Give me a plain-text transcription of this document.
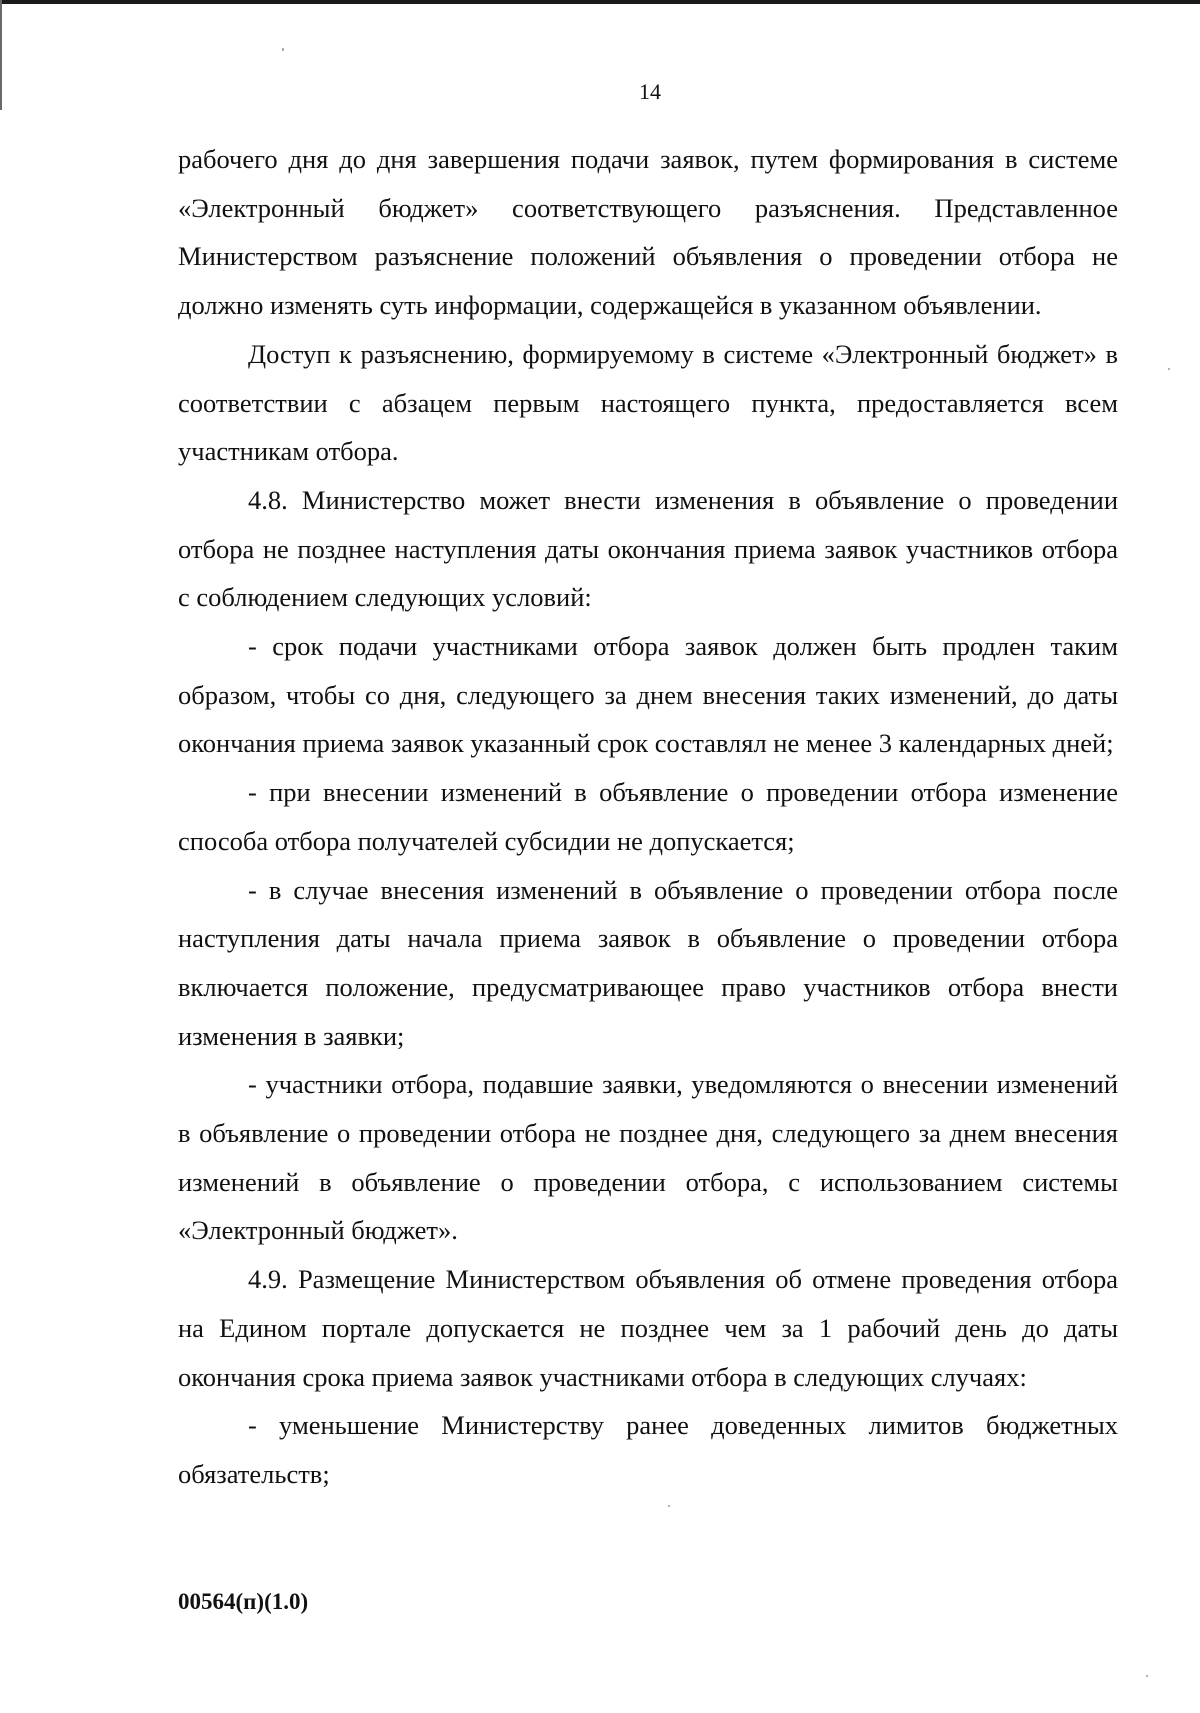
14

рабочего дня до дня завершения подачи заявок, путем формирования в системе «Электронный бюджет» соответствующего разъяснения. Представленное Министерством разъяснение положений объявления о проведении отбора не должно изменять суть информации, содержащейся в указанном объявлении.

Доступ к разъяснению, формируемому в системе «Электронный бюджет» в соответствии с абзацем первым настоящего пункта, предоставляется всем участникам отбора.

4.8. Министерство может внести изменения в объявление о проведении отбора не позднее наступления даты окончания приема заявок участников отбора с соблюдением следующих условий:

- срок подачи участниками отбора заявок должен быть продлен таким образом, чтобы со дня, следующего за днем внесения таких изменений, до даты окончания приема заявок указанный срок составлял не менее 3 календарных дней;

- при внесении изменений в объявление о проведении отбора изменение способа отбора получателей субсидии не допускается;

- в случае внесения изменений в объявление о проведении отбора после наступления даты начала приема заявок в объявление о проведении отбора включается положение, предусматривающее право участников отбора внести изменения в заявки;

- участники отбора, подавшие заявки, уведомляются о внесении изменений в объявление о проведении отбора не позднее дня, следующего за днем внесения изменений в объявление о проведении отбора, с использованием системы «Электронный бюджет».

4.9. Размещение Министерством объявления об отмене проведения отбора на Едином портале допускается не позднее чем за 1 рабочий день до даты окончания срока приема заявок участниками отбора в следующих случаях:

- уменьшение Министерству ранее доведенных лимитов бюджетных обязательств;

00564(п)(1.0)
